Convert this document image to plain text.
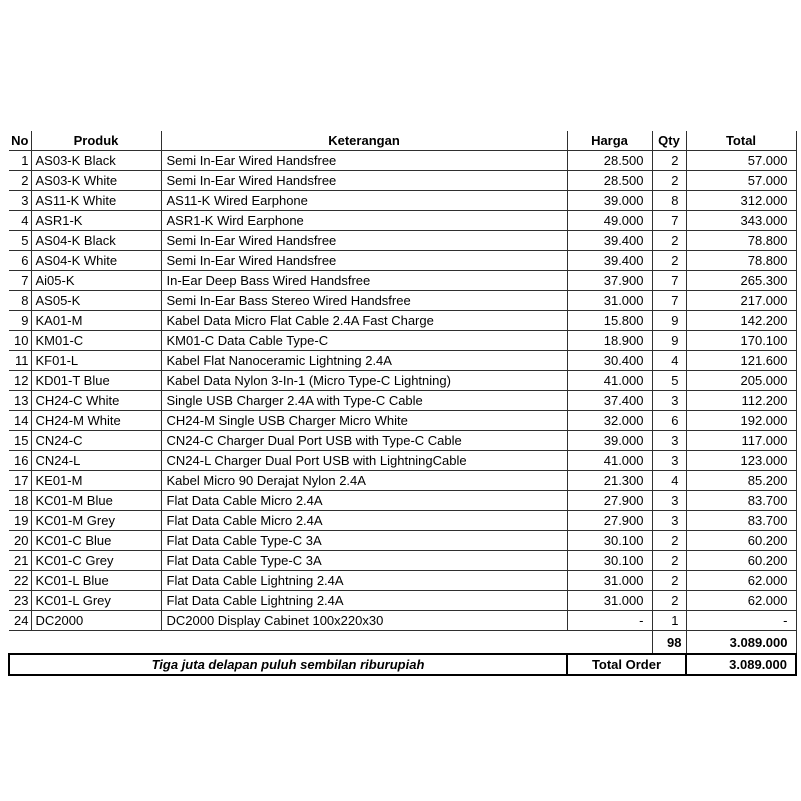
No	Produk	Keterangan	Harga	Qty	Total
1	AS03-K Black	Semi In-Ear Wired Handsfree	28.500	2	57.000
2	AS03-K White	Semi In-Ear Wired Handsfree	28.500	2	57.000
3	AS11-K White	AS11-K Wired Earphone	39.000	8	312.000
4	ASR1-K	ASR1-K Wird Earphone	49.000	7	343.000
5	AS04-K Black	Semi In-Ear Wired Handsfree	39.400	2	78.800
6	AS04-K White	Semi In-Ear Wired Handsfree	39.400	2	78.800
7	Ai05-K	In-Ear Deep Bass Wired Handsfree	37.900	7	265.300
8	AS05-K	Semi In-Ear Bass Stereo Wired Handsfree	31.000	7	217.000
9	KA01-M	Kabel Data Micro Flat Cable 2.4A Fast Charge	15.800	9	142.200
10	KM01-C	KM01-C Data Cable Type-C	18.900	9	170.100
11	KF01-L	Kabel Flat Nanoceramic Lightning 2.4A	30.400	4	121.600
12	KD01-T Blue	Kabel Data Nylon 3-In-1 (Micro Type-C Lightning)	41.000	5	205.000
13	CH24-C White	Single USB Charger 2.4A with Type-C Cable	37.400	3	112.200
14	CH24-M White	CH24-M Single USB Charger Micro White	32.000	6	192.000
15	CN24-C	CN24-C Charger Dual Port USB with Type-C Cable	39.000	3	117.000
16	CN24-L	CN24-L Charger Dual Port USB with LightningCable	41.000	3	123.000
17	KE01-M	Kabel Micro 90 Derajat Nylon 2.4A	21.300	4	85.200
18	KC01-M Blue	Flat Data Cable Micro 2.4A	27.900	3	83.700
19	KC01-M Grey	Flat Data Cable Micro 2.4A	27.900	3	83.700
20	KC01-C Blue	Flat Data Cable Type-C 3A	30.100	2	60.200
21	KC01-C Grey	Flat Data Cable Type-C 3A	30.100	2	60.200
22	KC01-L Blue	Flat Data Cable Lightning 2.4A	31.000	2	62.000
23	KC01-L Grey	Flat Data Cable Lightning 2.4A	31.000	2	62.000
24	DC2000	DC2000 Display Cabinet 100x220x30	-	1	-
				98	3.089.000
Tiga juta delapan puluh sembilan riburupiah			Total Order		3.089.000
